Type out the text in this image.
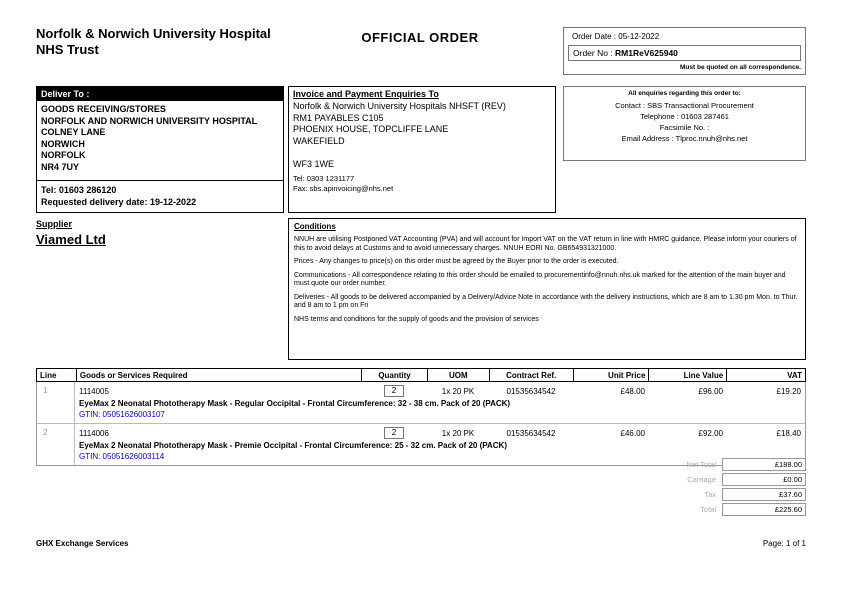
Norfolk & Norwich University Hospital NHS Trust
OFFICIAL ORDER	Order Date : 05-12-2022
Order No : RM1ReV625940
Must be quoted on all correspondence.
Deliver To :
GOODS RECEIVING/STORES
NORFOLK AND NORWICH UNIVERSITY HOSPITAL
COLNEY LANE
NORWICH
NORFOLK
NR4 7UY
Tel: 01603 286120
Requested delivery date: 19-12-2022
Invoice and Payment Enquiries To
Norfolk & Norwich University Hospitals NHSFT (REV)
RM1 PAYABLES C105
PHOENIX HOUSE, TOPCLIFFE LANE
WAKEFIELD
WF3 1WE
Tel: 0303 1231177
Fax: sbs.apinvoicing@nhs.net
All enquiries regarding this order to:
Contact : SBS Transactional Procurement
Telephone : 01603 287461
Facsimile No. :
Email Address : Tlproc.nnuh@nhs.net
Supplier
Viamed Ltd
Conditions
NNUH are utilising Postponed VAT Accounting (PVA) and will account for Import VAT on the VAT return in line with HMRC guidance. Please inform your couriers of this to avoid delays at Customs and to avoid unnecessary charges. NNUH EORI No. GB654931321000.
Prices - Any changes to price(s) on this order must be agreed by the Buyer prior to the order is executed.
Communications - All correspondence relating to this order should be emailed to procurementinfo@nnuh.nhs.uk marked for the attention of the main buyer and must quote our order number.
Deliveries - All goods to be delivered accompanied by a Delivery/Advice Note in accordance with the delivery instructions, which are 8 am to 1.30 pm Mon. to Thur. and 8 am to 1 pm on Fri
NHS terms and conditions for the supply of goods and the provision of services
Line	Goods or Services Required	Quantity	UOM	Contract Ref.	Unit Price	Line Value	VAT
1	1114005	2	1x 20 PK	01535634542	£48.00	£96.00	£19.20
EyeMax 2 Neonatal Phototherapy Mask - Regular Occipital - Frontal Circumference: 32 - 38 cm. Pack of 20 (PACK)
GTIN: 05051626003107
2	1114006	2	1x 20 PK	01535634542	£46.00	£92.00	£18.40
EyeMax 2 Neonatal Phototherapy Mask - Premie Occipital - Frontal Circumference: 25 - 32 cm. Pack of 20 (PACK)
GTIN: 05051626003114
Net Total	£188.00
Carriage	£0.00
Tax	£37.60
Total	£225.60
GHX Exchange Services	Page: 1 of 1
